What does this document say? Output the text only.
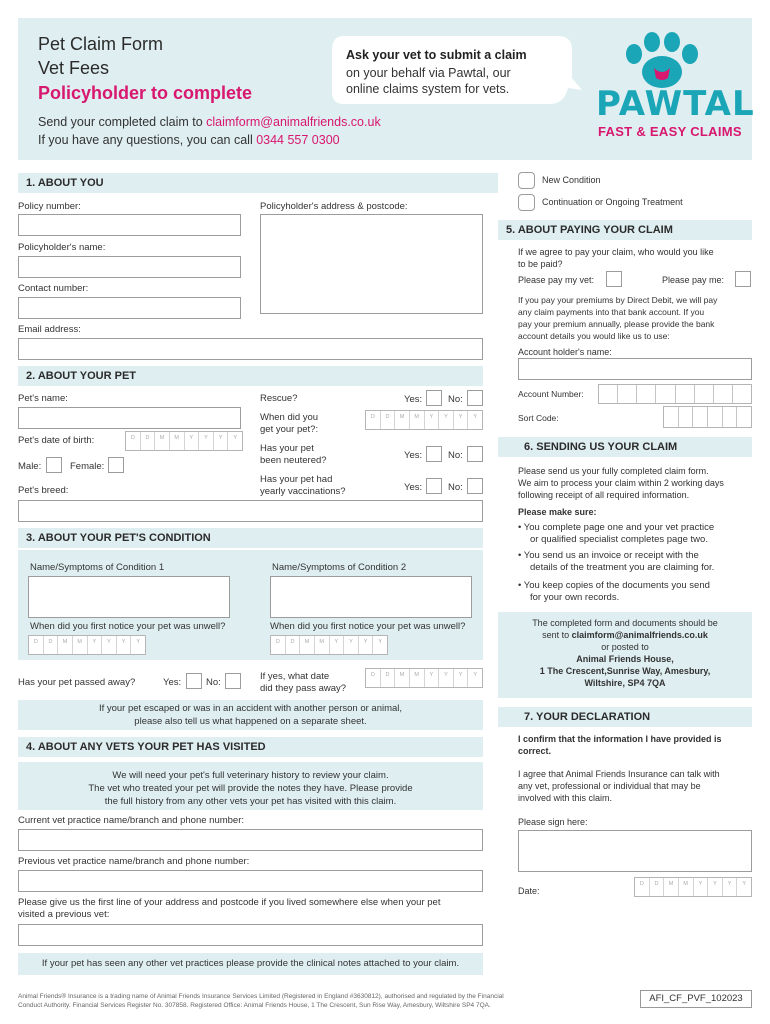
Pet Claim Form
Vet Fees
Policyholder to complete
Ask your vet to submit a claim
on your behalf via Pawtal, our
online claims system for vets.
Send your completed claim to claimform@animalfriends.co.uk
If you have any questions, you can call 0344 557 0300
PAWTAL
FAST & EASY CLAIMS
1. ABOUT YOU
Policy number:	Policyholder's address & postcode:
Policyholder's name:
Contact number:
Email address:
New Condition
Continuation or Ongoing Treatment
2. ABOUT YOUR PET
Pet's name:
Pet's date of birth:	D	D	M	M	Y	Y	Y	Y
Male:	Female:
Pet's breed:
Rescue?	Yes:	No:
When did you
get your pet?:
D	D	M	M	Y	Y	Y	Y
Has your pet
been neutered?	Yes:	No:
Has your pet had
yearly vaccinations?	Yes:	No:
3. ABOUT YOUR PET'S CONDITION
Name/Symptoms of Condition 1	Name/Symptoms of Condition 2
When did you first notice your pet was unwell?
D	D	M	M	Y	Y	Y	Y
When did you first notice your pet was unwell?
D	D	M	M	Y	Y	Y	Y
Has your pet passed away?	Yes:	No:
If yes, what date
did they pass away?
D	D	M	M	Y	Y	Y	Y
If your pet escaped or was in an accident with another person or animal,
please also tell us what happened on a separate sheet.
4. ABOUT ANY VETS YOUR PET HAS VISITED
We will need your pet's full veterinary history to review your claim.
The vet who treated your pet will provide the notes they have. Please provide
the full history from any other vets your pet has visited with this claim.
Current vet practice name/branch and phone number:
Previous vet practice name/branch and phone number:
Please give us the first line of your address and postcode if you lived somewhere else when your pet
visited a previous vet:
If your pet has seen any other vet practices please provide the clinical notes attached to your claim.
5. ABOUT PAYING YOUR CLAIM
If we agree to pay your claim, who would you like
to be paid?
Please pay my vet:	Please pay me:
If you pay your premiums by Direct Debit, we will pay
any claim payments into that bank account. If you
pay your premium annually, please provide the bank
account details you would like us to use:
Account holder's name:
Account Number:
Sort Code:
6. SENDING US YOUR CLAIM
Please send us your fully completed claim form.
We aim to process your claim within 2 working days
following receipt of all required information.
Please make sure:
• You complete page one and your vet practice
or qualified specialist completes page two.
• You send us an invoice or receipt with the
details of the treatment you are claiming for.
• You keep copies of the documents you send
for your own records.
The completed form and documents should be
sent to claimform@animalfriends.co.uk
or posted to
Animal Friends House,
1 The Crescent,Sunrise Way, Amesbury,
Wiltshire, SP4 7QA
7. YOUR DECLARATION
I confirm that the information I have provided is
correct.
I agree that Animal Friends Insurance can talk with
any vet, professional or individual that may be
involved with this claim.
Please sign here:
Date:
D	D	M	M	Y	Y	Y	Y
Animal Friends® Insurance is a trading name of Animal Friends Insurance Services Limited (Registered in England #3630812), authorised and regulated by the Financial
Conduct Authority. Financial Services Register No. 307858. Registered Office: Animal Friends House, 1 The Crescent, Sun Rise Way, Amesbury, Wiltshire SP4 7QA.
AFI_CF_PVF_102023
